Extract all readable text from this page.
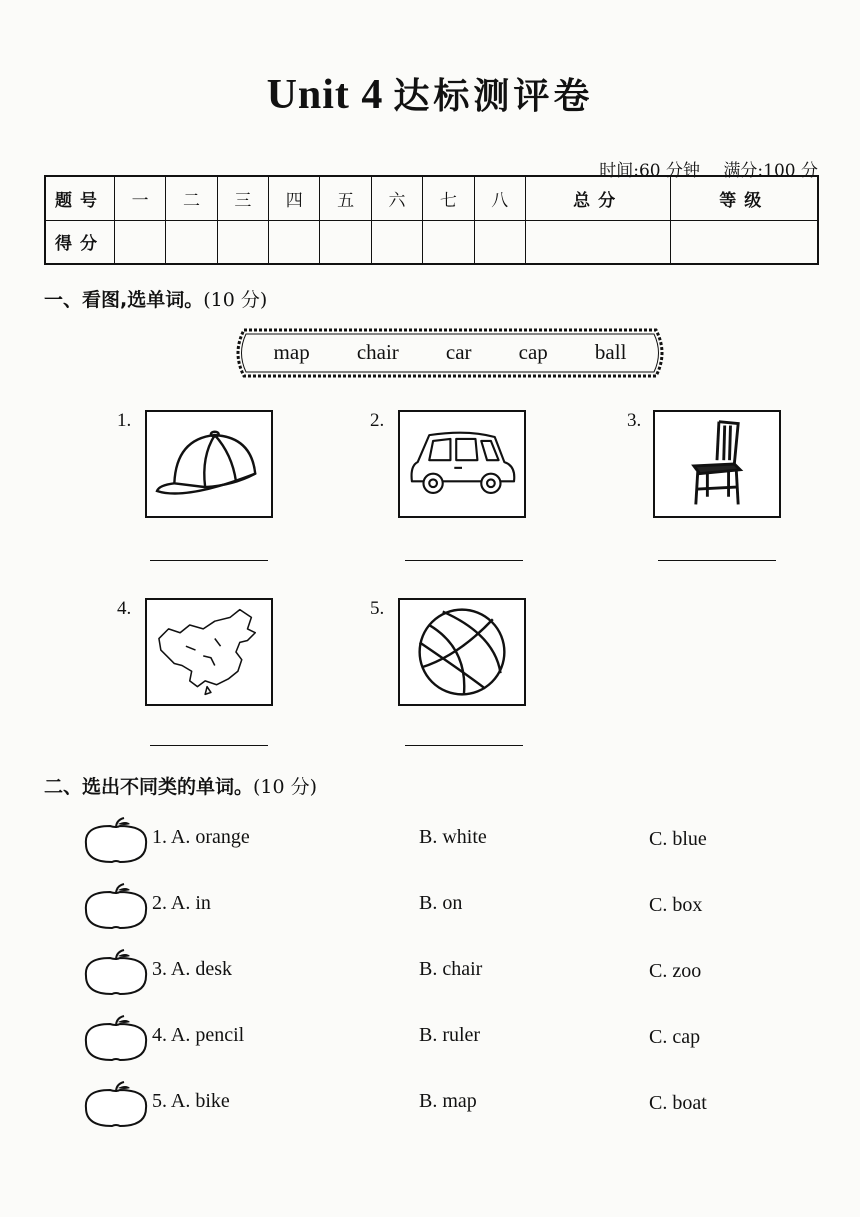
Unit 4 达标测评卷
时间:60 分钟 满分:100 分
题号	一	二	三	四	五	六	七	八	总分	等级
得分										
一、看图,选单词。(10 分)
map chair car cap ball
1.	2.	3.
4.	5.
二、选出不同类的单词。(10 分)
1. A. orange	B. white	C. blue
2. A. in	B. on	C. box
3. A. desk	B. chair	C. zoo
4. A. pencil	B. ruler	C. cap
5. A. bike	B. map	C. boat
